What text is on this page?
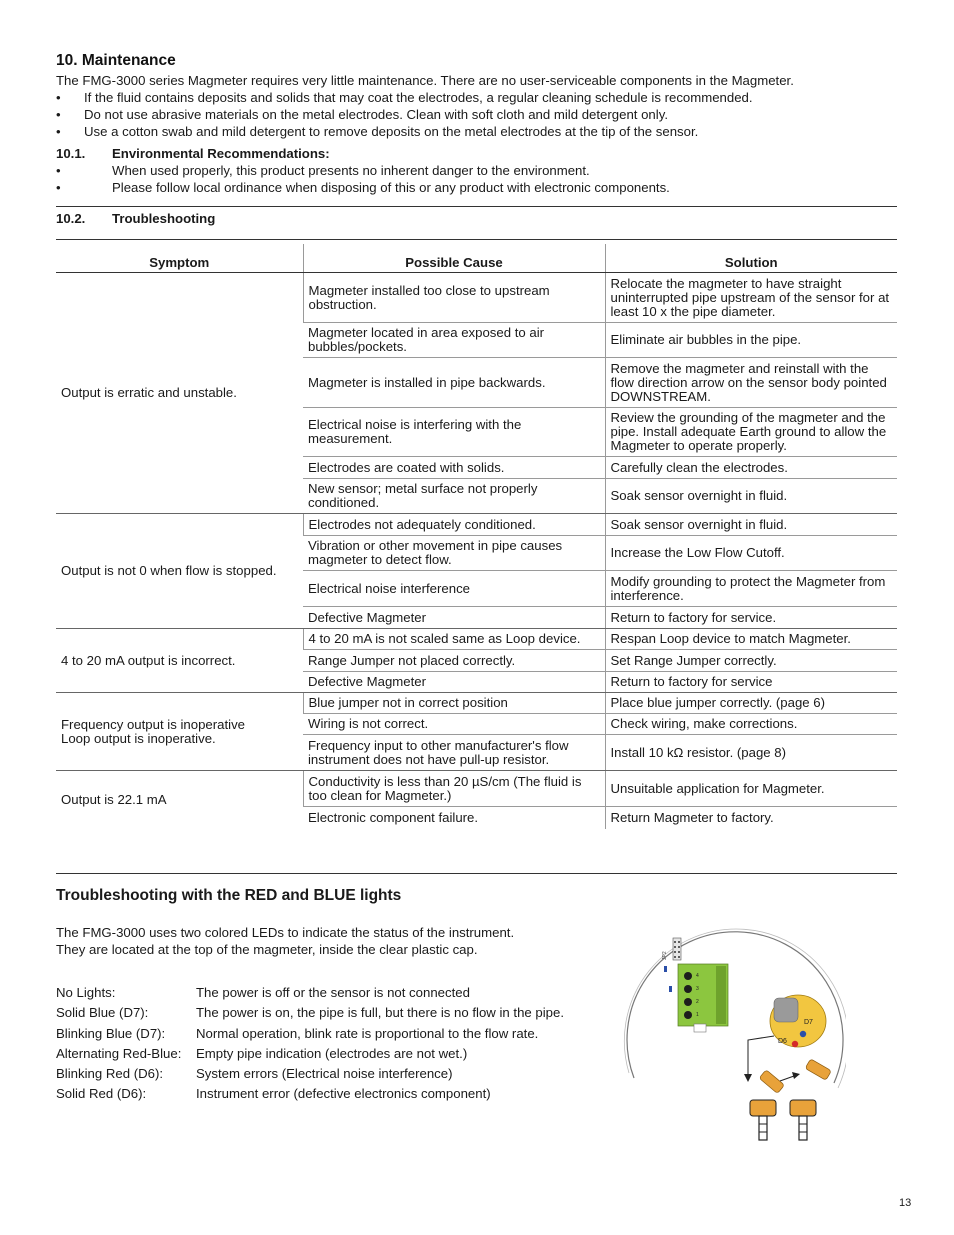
10. Maintenance

The FMG-3000 series Magmeter requires very little maintenance. There are no user-serviceable components in the Magmeter.

• If the fluid contains deposits and solids that may coat the electrodes, a regular cleaning schedule is recommended.
• Do not use abrasive materials on the metal electrodes. Clean with soft cloth and mild detergent only.
• Use a cotton swab and mild detergent to remove deposits on the metal electrodes at the tip of the sensor.
10.1. Environmental Recommendations:
•	When used properly, this product presents no inherent danger to the environment.
•	Please follow local ordinance when disposing of this or any product with electronic components.
10.2. Troubleshooting
Symptom	Possible Cause	Solution
Output is erratic and unstable.	Magmeter installed too close to upstream obstruction.	Relocate the magmeter to have straight uninterrupted pipe upstream of the sensor for at least 10 x the pipe diameter.
	Magmeter located in area exposed to air bubbles/pockets.	Eliminate air bubbles in the pipe.
	Magmeter is installed in pipe backwards.	Remove the magmeter and reinstall with the flow direction arrow on the sensor body pointed DOWNSTREAM.
	Electrical noise is interfering with the measurement.	Review the grounding of the magmeter and the pipe. Install adequate Earth ground to allow the Magmeter to operate properly.
	Electrodes are coated with solids.	Carefully clean the electrodes.
	New sensor; metal surface not properly conditioned.	Soak sensor overnight in fluid.
Output is not 0 when flow is stopped.	Electrodes not adequately conditioned.	Soak sensor overnight in fluid.
	Vibration or other movement in pipe causes magmeter to detect flow.	Increase the Low Flow Cutoff.
	Electrical noise interference	Modify grounding to protect the Magmeter from interference.
	Defective Magmeter	Return to factory for service.
4 to 20 mA output is incorrect.	4 to 20 mA is not scaled same as Loop device.	Respan Loop device to match Magmeter.
	Range Jumper not placed correctly.	Set Range Jumper correctly.
	Defective Magmeter	Return to factory for service

Frequency output is inoperative
Loop output is inoperative.	Blue jumper not in correct position	Place blue jumper correctly. (page 6)
	Wiring is not correct.	Check wiring, make corrections.
	Frequency input to other manufacturer's flow instrument does not have pull-up resistor.	Install 10 kΩ resistor. (page 8)
Output is 22.1 mA	Conductivity is less than 20 µS/cm (The fluid is too clean for Magmeter.)	Unsuitable application for Magmeter.
	Electronic component failure.	Return Magmeter to factory.
Troubleshooting with the RED and BLUE lights

The FMG-3000 uses two colored LEDs to indicate the status of the instrument.

They are located at the top of the magmeter, inside the clear plastic cap.

No Lights:	The power is off or the sensor is not connected
Solid Blue (D7):	The power is on, the pipe is full, but there is no flow in the pipe.
Blinking Blue (D7):	Normal operation, blink rate is proportional to the flow rate.
Alternating Red-Blue:	Empty pipe indication (electrodes are not wet.)
Blinking Red (D6):	System errors (Electrical noise interference)
Solid Red (D6):	Instrument error (defective electronics component)
JP2
4
3
2
1
D7
D6
13
